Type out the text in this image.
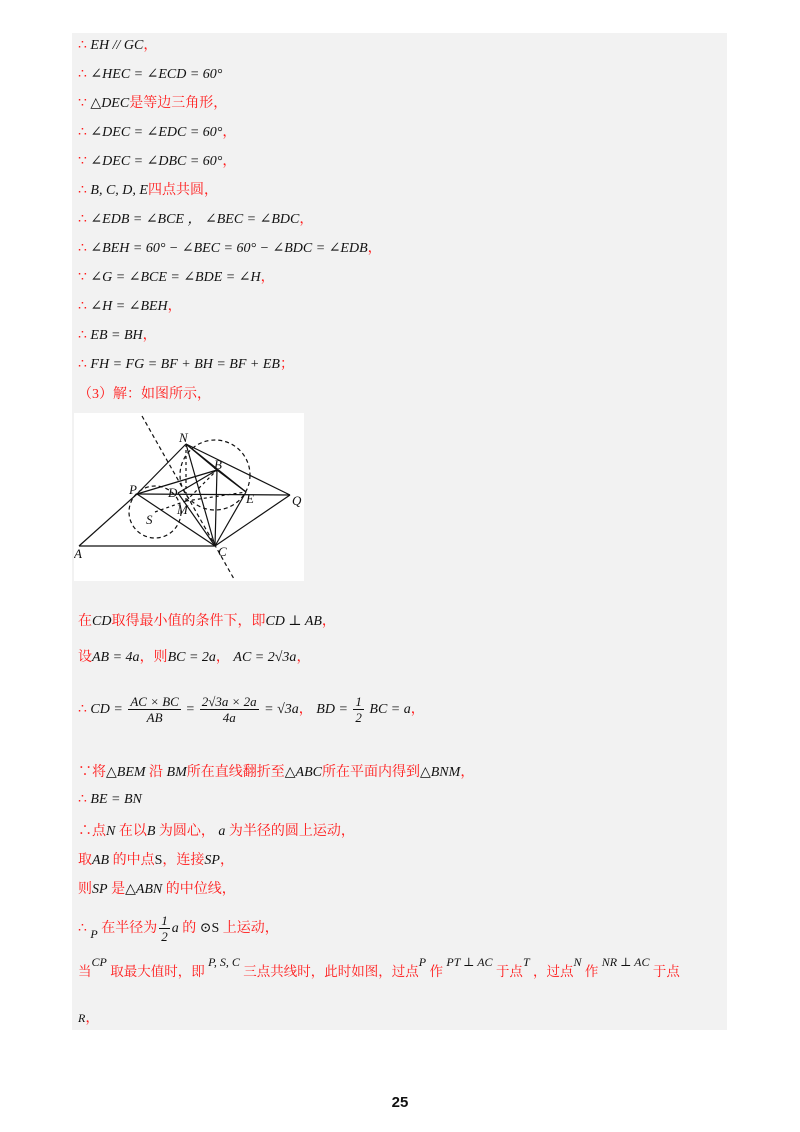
∴ EH // GC，
∴ ∠HEC = ∠ECD = 60°
∵ △DEC是等边三角形，
∴ ∠DEC = ∠EDC = 60°，
∵ ∠DEC = ∠DBC = 60°，
∴ B, C, D, E四点共圆，
∴ ∠EDB = ∠BCE ， ∠BEC = ∠BDC，
∴ ∠BEH = 60° − ∠BEC = 60° − ∠BDC = ∠EDB，
∵ ∠G = ∠BCE = ∠BDE = ∠H，
∴ ∠H = ∠BEH，
∴ EB = BH，
∴ FH = FG = BF + BH = BF + EB；
（3）解：如图所示，
N
B
P D	E	Q
M
S
A	C
在CD取得最小值的条件下，即CD ⊥ AB，
设AB = 4a，则BC = 2a， AC = 2√3a，
∴ CD = $\frac{AC \times BC}{AB} = \frac{2√3a \times 2a}{4a} = √3a$， BD = $\frac{1}{2}$ BC = a，
∵将△BEM 沿 BM所在直线翻折至△ABC所在平面内得到△BNM，
∴ BE = BN
∴点N 在以B 为圆心， a 为半径的圆上运动，
取AB 的中点S，连接SP，
则SP 是△ABN 的中位线，
∴ P 在半径为 $\frac{1}{2}$ a 的 ⊙S 上运动，
当CP 取最大值时，即 P, S, C 三点共线时，此时如图，过点P 作 PT ⊥ AC 于点T ，过点N 作 NR ⊥ AC 于点
R，
25
